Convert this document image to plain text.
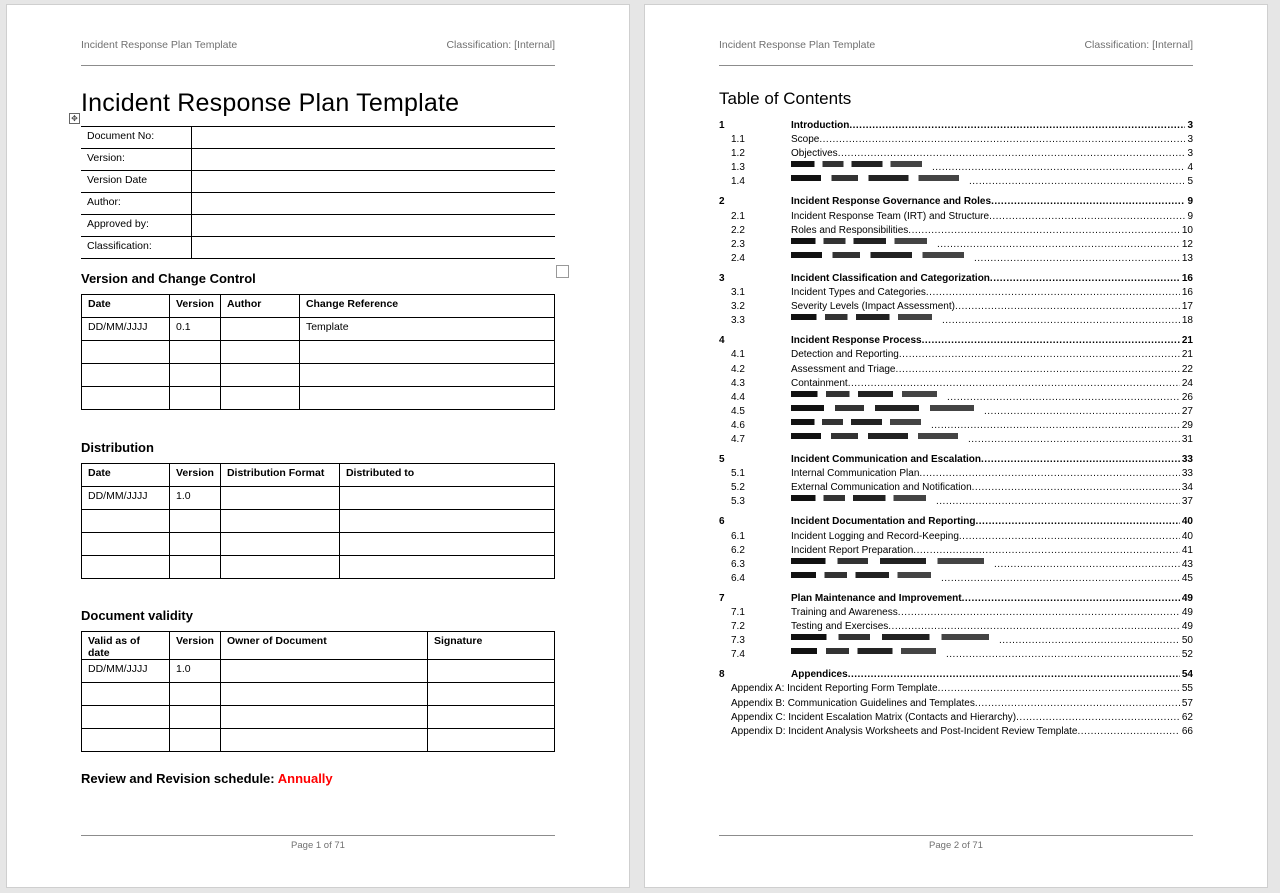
Incident Response Plan Template	Classification: [Internal]
Incident Response Plan Template
✥
Document No:	
Version:	
Version Date	
Author:	
Approved by:	
Classification:	
Version and Change Control
Date	Version	Author	Change Reference
DD/MM/JJJJ	0.1		Template

Distribution
Date	Version	Distribution Format	Distributed to
DD/MM/JJJJ	1.0		

Document validity
Valid as of date	Version	Owner of Document	Signature
DD/MM/JJJJ	1.0		

Review and Revision schedule: Annually
Page 1 of 71
Incident Response Plan Template	Classification: [Internal]
Table of Contents
1	Introduction .....	3
1.1	Scope .....	3
1.2	Objectives .....	3
1.3 .....	4
1.4 .....	5
2	Incident Response Governance and Roles .....	9
2.1	Incident Response Team (IRT) and Structure .....	9
2.2	Roles and Responsibilities .....	10
2.3 .....	12
2.4 .....	13
3	Incident Classification and Categorization .....	16
3.1	Incident Types and Categories .....	16
3.2	Severity Levels (Impact Assessment) .....	17
3.3 .....	18
4	Incident Response Process .....	21
4.1	Detection and Reporting .....	21
4.2	Assessment and Triage .....	22
4.3	Containment .....	24
4.4 .....	26
4.5 .....	27
4.6 .....	29
4.7 .....	31
5	Incident Communication and Escalation .....	33
5.1	Internal Communication Plan .....	33
5.2	External Communication and Notification .....	34
5.3 .....	37
6	Incident Documentation and Reporting .....	40
6.1	Incident Logging and Record-Keeping .....	40
6.2	Incident Report Preparation .....	41
6.3 .....	43
6.4 .....	45
7	Plan Maintenance and Improvement .....	49
7.1	Training and Awareness .....	49
7.2	Testing and Exercises .....	49
7.3 .....	50
7.4 .....	52
8	Appendices .....	54
Appendix A: Incident Reporting Form Template .....	55
Appendix B: Communication Guidelines and Templates .....	57
Appendix C: Incident Escalation Matrix (Contacts and Hierarchy) .....	62
Appendix D: Incident Analysis Worksheets and Post-Incident Review Template .....	66
Page 2 of 71
